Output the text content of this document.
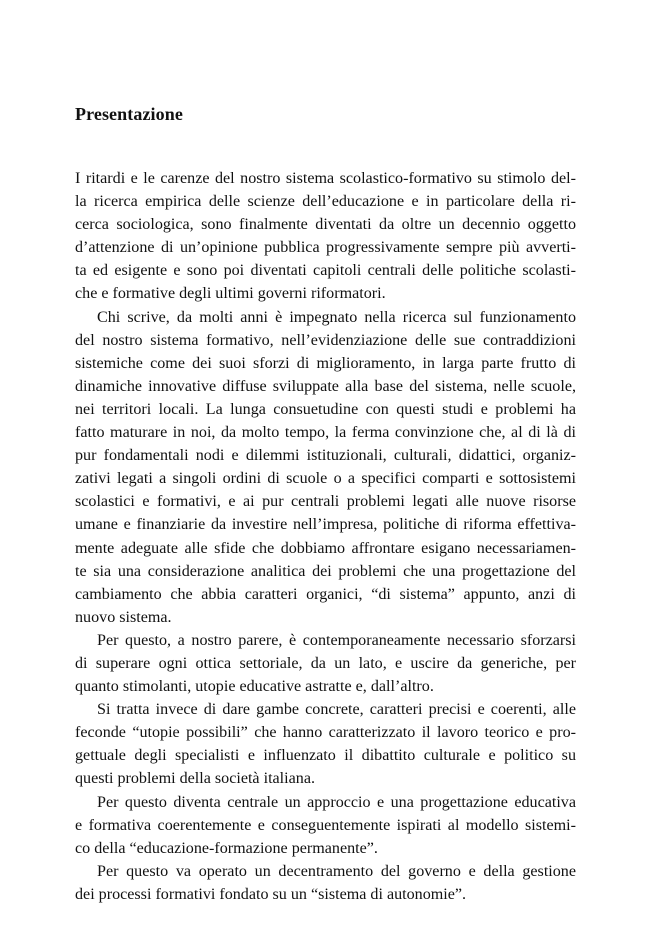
Presentazione
I ritardi e le carenze del nostro sistema scolastico-formativo su stimolo del-
la ricerca empirica delle scienze dell’educazione e in particolare della ri-
cerca sociologica, sono finalmente diventati da oltre un decennio oggetto
d’attenzione di un’opinione pubblica progressivamente sempre più avverti-
ta ed esigente e sono poi diventati capitoli centrali delle politiche scolasti-
che e formative degli ultimi governi riformatori.
Chi scrive, da molti anni è impegnato nella ricerca sul funzionamento
del nostro sistema formativo, nell’evidenziazione delle sue contraddizioni
sistemiche come dei suoi sforzi di miglioramento, in larga parte frutto di
dinamiche innovative diffuse sviluppate alla base del sistema, nelle scuole,
nei territori locali. La lunga consuetudine con questi studi e problemi ha
fatto maturare in noi, da molto tempo, la ferma convinzione che, al di là di
pur fondamentali nodi e dilemmi istituzionali, culturali, didattici, organiz-
zativi legati a singoli ordini di scuole o a specifici comparti e sottosistemi
scolastici e formativi, e ai pur centrali problemi legati alle nuove risorse
umane e finanziarie da investire nell’impresa, politiche di riforma effettiva-
mente adeguate alle sfide che dobbiamo affrontare esigano necessariamen-
te sia una considerazione analitica dei problemi che una progettazione del
cambiamento che abbia caratteri organici, “di sistema” appunto, anzi di
nuovo sistema.
Per questo, a nostro parere, è contemporaneamente necessario sforzarsi
di superare ogni ottica settoriale, da un lato, e uscire da generiche, per
quanto stimolanti, utopie educative astratte e, dall’altro.
Si tratta invece di dare gambe concrete, caratteri precisi e coerenti, alle
feconde “utopie possibili” che hanno caratterizzato il lavoro teorico e pro-
gettuale degli specialisti e influenzato il dibattito culturale e politico su
questi problemi della società italiana.
Per questo diventa centrale un approccio e una progettazione educativa
e formativa coerentemente e conseguentemente ispirati al modello sistemi-
co della “educazione-formazione permanente”.
Per questo va operato un decentramento del governo e della gestione
dei processi formativi fondato su un “sistema di autonomie”.
